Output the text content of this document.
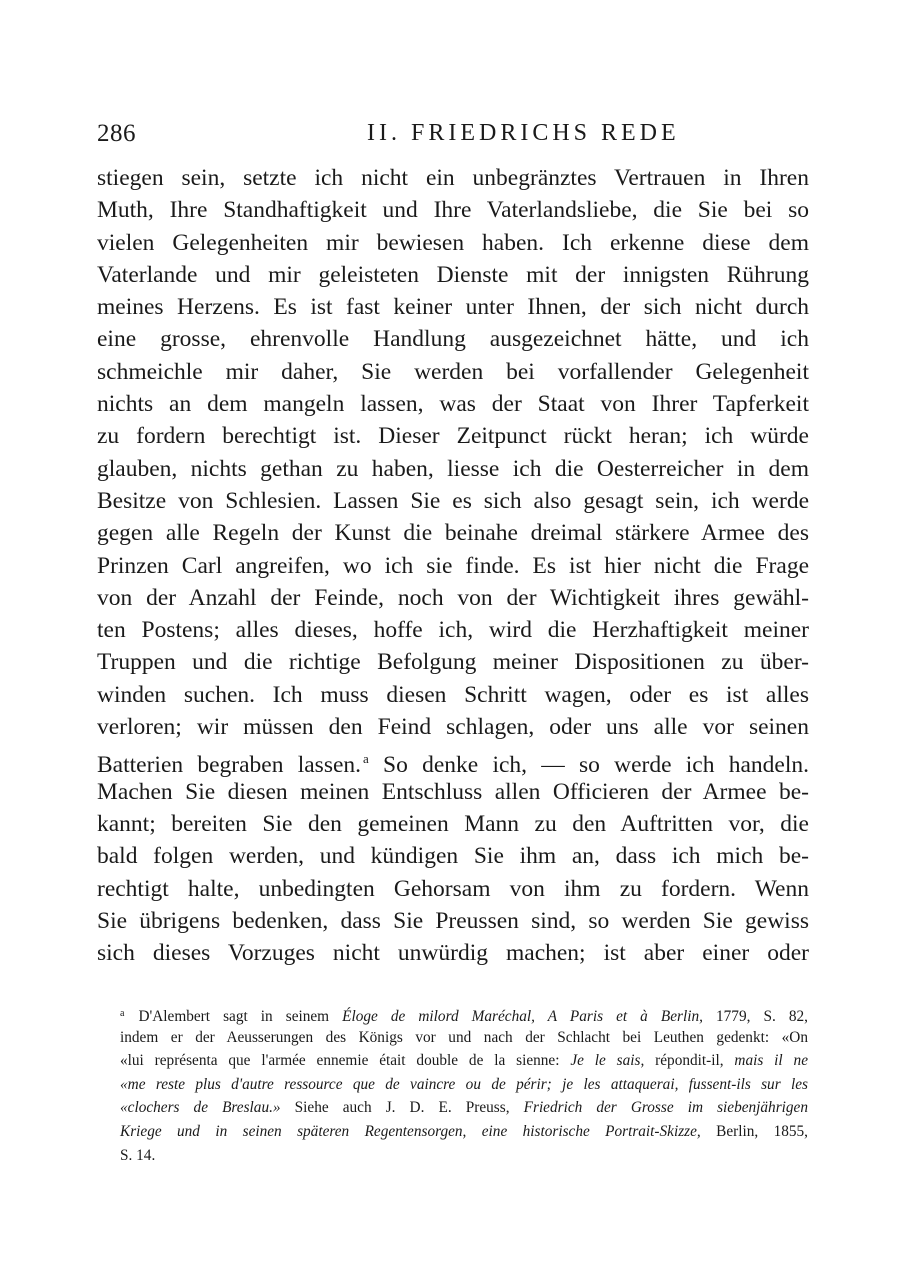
286	II. FRIEDRICHS REDE
stiegen sein, setzte ich nicht ein unbegränztes Vertrauen in Ihren
Muth, Ihre Standhaftigkeit und Ihre Vaterlandsliebe, die Sie bei so
vielen Gelegenheiten mir bewiesen haben. Ich erkenne diese dem
Vaterlande und mir geleisteten Dienste mit der innigsten Rührung
meines Herzens. Es ist fast keiner unter Ihnen, der sich nicht durch
eine grosse, ehrenvolle Handlung ausgezeichnet hätte, und ich
schmeichle mir daher, Sie werden bei vorfallender Gelegenheit
nichts an dem mangeln lassen, was der Staat von Ihrer Tapferkeit
zu fordern berechtigt ist. Dieser Zeitpunct rückt heran; ich würde
glauben, nichts gethan zu haben, liesse ich die Oesterreicher in dem
Besitze von Schlesien. Lassen Sie es sich also gesagt sein, ich werde
gegen alle Regeln der Kunst die beinahe dreimal stärkere Armee des
Prinzen Carl angreifen, wo ich sie finde. Es ist hier nicht die Frage
von der Anzahl der Feinde, noch von der Wichtigkeit ihres gewähl-
ten Postens; alles dieses, hoffe ich, wird die Herzhaftigkeit meiner
Truppen und die richtige Befolgung meiner Dispositionen zu über-
winden suchen. Ich muss diesen Schritt wagen, oder es ist alles
verloren; wir müssen den Feind schlagen, oder uns alle vor seinen
Batterien begraben lassen. $^a$ So denke ich, — so werde ich handeln.
Machen Sie diesen meinen Entschluss allen Officieren der Armee be-
kannt; bereiten Sie den gemeinen Mann zu den Auftritten vor, die
bald folgen werden, und kündigen Sie ihm an, dass ich mich be-
rechtigt halte, unbedingten Gehorsam von ihm zu fordern. Wenn
Sie übrigens bedenken, dass Sie Preussen sind, so werden Sie gewiss
sich dieses Vorzuges nicht unwürdig machen; ist aber einer oder
$^a$ D'Alembert sagt in seinem Éloge de milord Maréchal, A Paris et à Berlin, 1779, S. 82,
indem er der Aeusserungen des Königs vor und nach der Schlacht bei Leuthen gedenkt: «On
«lui représenta que l'armée ennemie était double de la sienne: Je le sais, répondit-il, mais il ne
«me reste plus d'autre ressource que de vaincre ou de périr; je les attaquerai, fussent-ils sur les
«clochers de Breslau.» Siehe auch J. D. E. Preuss, Friedrich der Grosse im siebenjährigen
Kriege und in seinen späteren Regentensorgen, eine historische Portrait-Skizze, Berlin, 1855,
S. 14.
